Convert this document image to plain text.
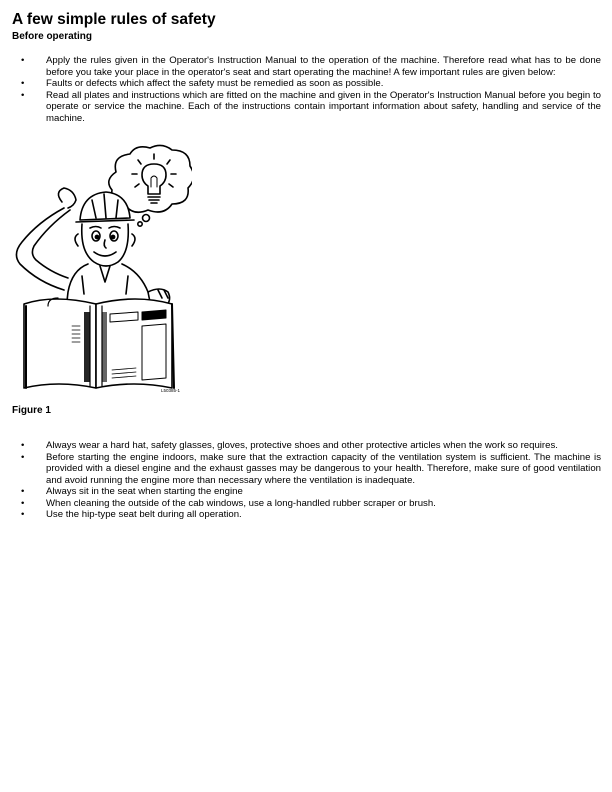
A few simple rules of safety
Before operating
• Apply the rules given in the Operator's Instruction Manual to the operation of the machine. Therefore read what has to be done before you take your place in the operator's seat and start operating the machine! A few important rules are given below:
• Faults or defects which affect the safety must be remedied as soon as possible.
• Read all plates and instructions which are fitted on the machine and given in the Operator's Instruction Manual before you begin to operate or service the machine. Each of the instructions contain important information about safety, handling and service of the machine.
L50385-1

Figure 1

• Always wear a hard hat, safety glasses, gloves, protective shoes and other protective articles when the work so requires.
• Before starting the engine indoors, make sure that the extraction capacity of the ventilation system is sufficient. The machine is provided with a diesel engine and the exhaust gasses may be dangerous to your health. Therefore, make sure of good ventilation and avoid running the engine more than necessary where the ventilation is inadequate.
• Always sit in the seat when starting the engine
• When cleaning the outside of the cab windows, use a long-handled rubber scraper or brush.
• Use the hip-type seat belt during all operation.
